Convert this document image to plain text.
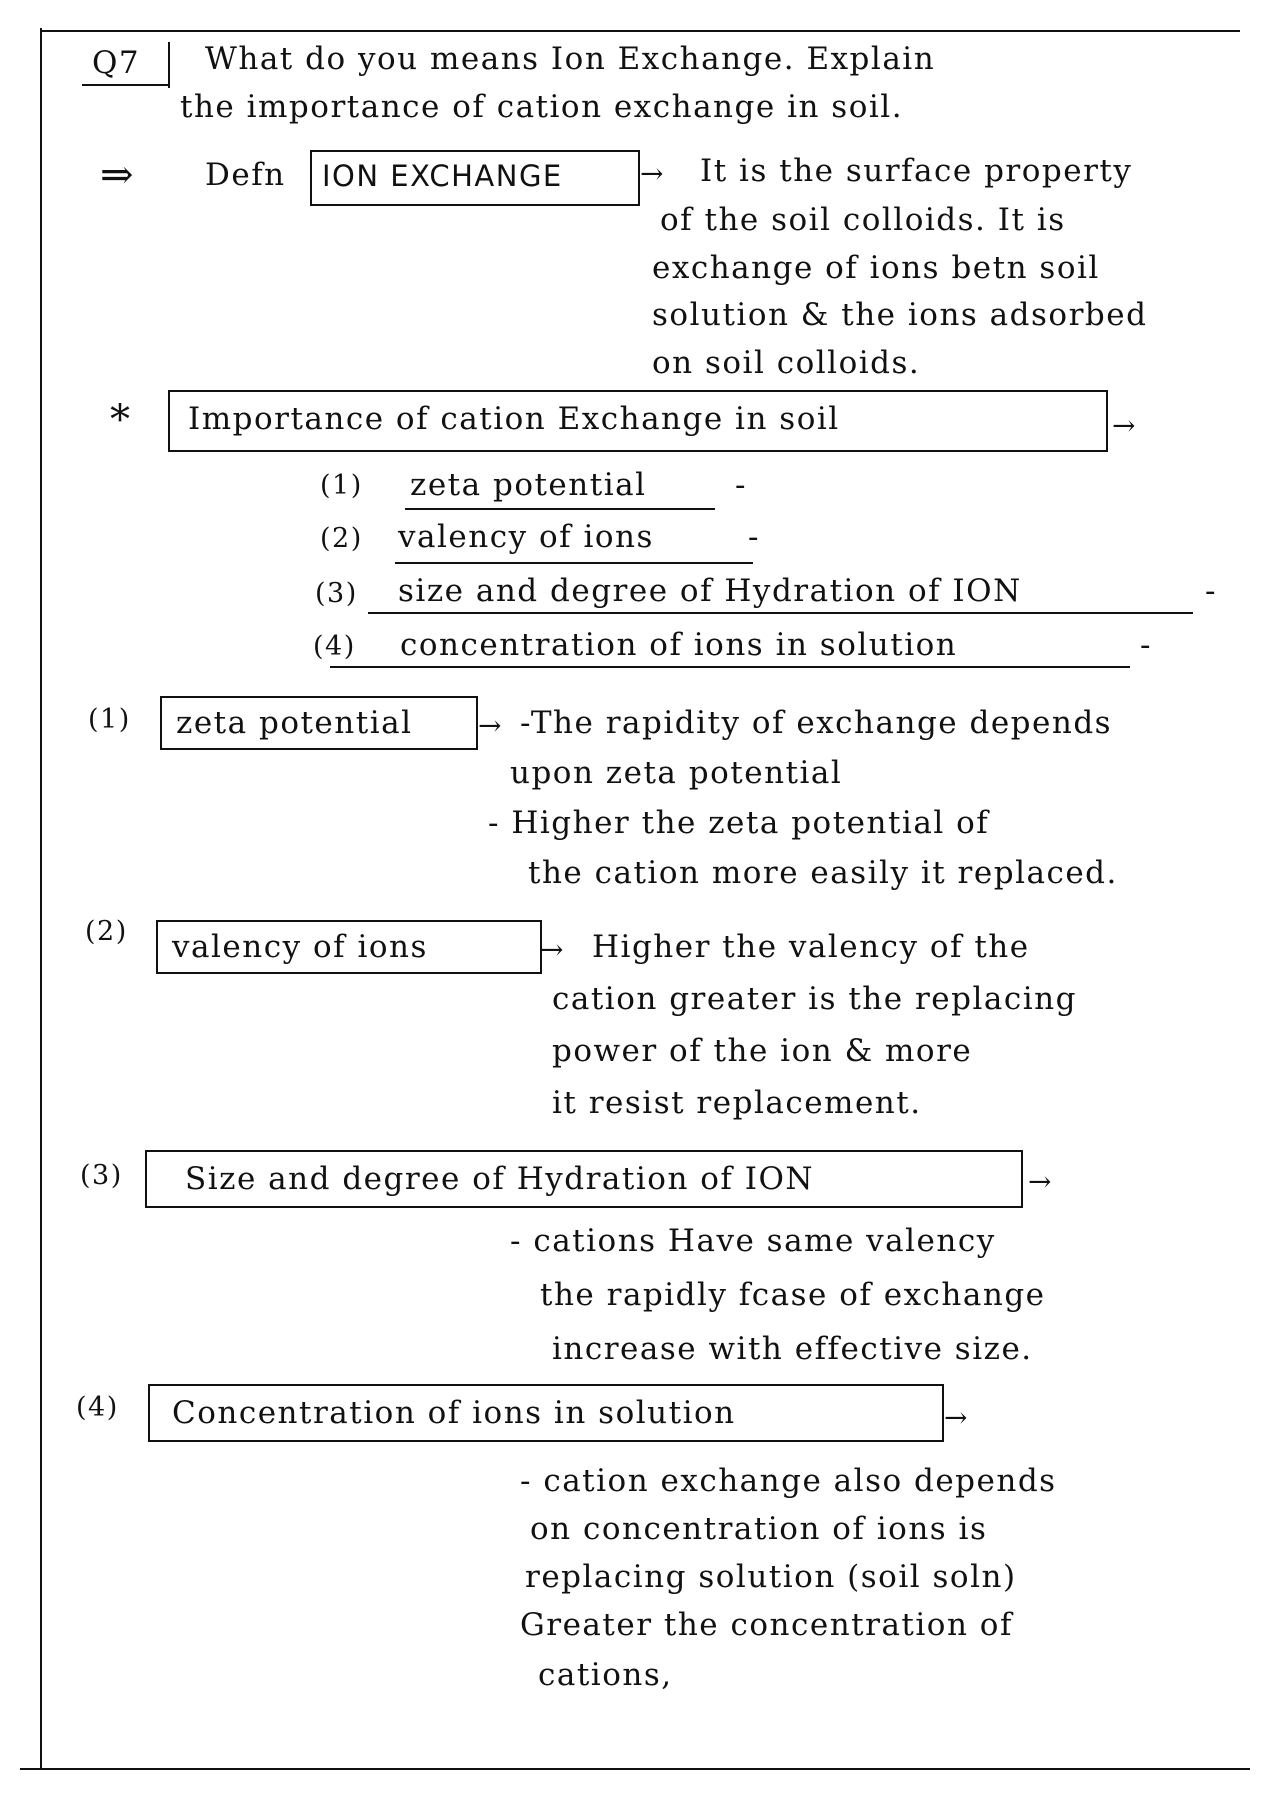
Q7 What do you means Ion Exchange. Explain
the importance of cation exchange in soil.
⇒ Defn ION EXCHANGE	→ It is the surface property
of the soil colloids. It is
exchange of ions betn soil
solution & the ions adsorbed
on soil colloids.
* Importance of cation Exchange in soil	→
(1) zeta potential	-
(2) valency of ions	-
(3) size and degree of Hydration of ION	-
(4) concentration of ions in solution	-
(1) zeta potential → -The rapidity of exchange depends
upon zeta potential
- Higher the zeta potential of
the cation more easily it replaced.
(2) valency of ions	→ Higher the valency of the
cation greater is the replacing
power of the ion & more
it resist replacement.
(3) Size and degree of Hydration of ION	→
- cations Have same valency
the rapidly fcase of exchange
increase with effective size.
(4) Concentration of ions in solution	→
- cation exchange also depends
on concentration of ions is
replacing solution (soil soln)
Greater the concentration of
cations,
